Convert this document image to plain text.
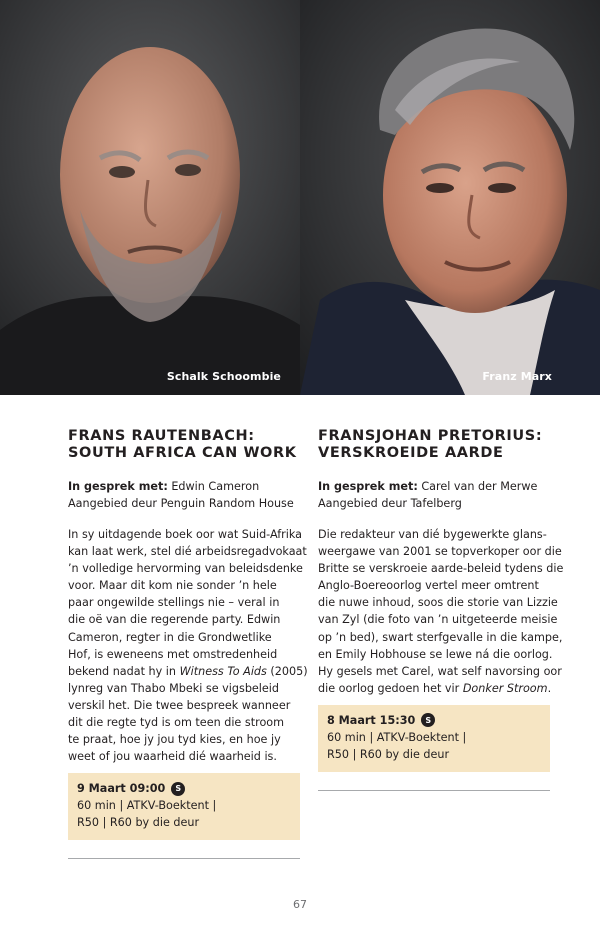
Schalk Schoombie	Franz Marx
FRANS RAUTENBACH:
SOUTH AFRICA CAN WORK
In gesprek met: Edwin Cameron
Aangebied deur Penguin Random House
In sy uitdagende boek oor wat Suid-Afrika
kan laat werk, stel dié arbeidsregadvokaat
’n volledige hervorming van beleidsdenke
voor. Maar dit kom nie sonder ’n hele
paar ongewilde stellings nie – veral in
die oë van die regerende party. Edwin
Cameron, regter in die Grondwetlike
Hof, is eweneens met omstredenheid
bekend nadat hy in Witness To Aids (2005)
lynreg van Thabo Mbeki se vigsbeleid
verskil het. Die twee bespreek wanneer
dit die regte tyd is om teen die stroom
te praat, hoe jy jou tyd kies, en hoe jy
weet of jou waarheid dié waarheid is.
9 Maart 09:00	S
60 min | ATKV-Boektent |
R50 | R60 by die deur
FRANSJOHAN PRETORIUS:
VERSKROEIDE AARDE
In gesprek met: Carel van der Merwe
Aangebied deur Tafelberg
Die redakteur van dié bygewerkte glans-
weergawe van 2001 se topverkoper oor die
Britte se verskroeie aarde-beleid tydens die
Anglo-Boereoorlog vertel meer omtrent
die nuwe inhoud, soos die storie van Lizzie
van Zyl (die foto van ’n uitgeteerde meisie
op ’n bed), swart sterfgevalle in die kampe,
en Emily Hobhouse se lewe ná die oorlog.
Hy gesels met Carel, wat self navorsing oor
die oorlog gedoen het vir Donker Stroom.
8 Maart 15:30	S
60 min | ATKV-Boektent |
R50 | R60 by die deur
67
